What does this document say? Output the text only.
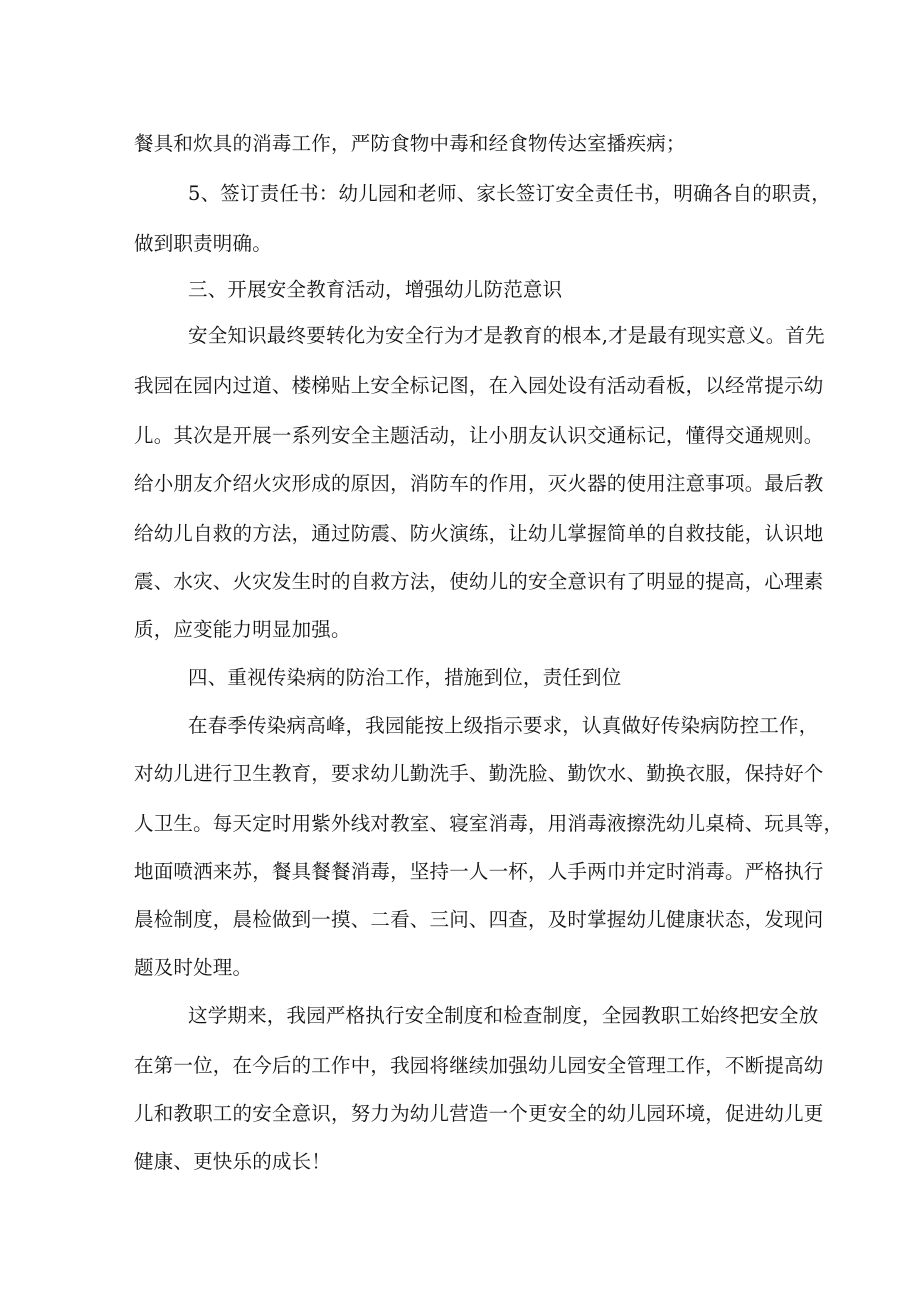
餐具和炊具的消毒工作，严防食物中毒和经食物传达室播疾病；

5、签订责任书：幼儿园和老师、家长签订安全责任书，明确各自的职责，

做到职责明确。

三、开展安全教育活动，增强幼儿防范意识

安全知识最终要转化为安全行为才是教育的根本,才是最有现实意义。首先

我园在园内过道、楼梯贴上安全标记图，在入园处设有活动看板，以经常提示幼

儿。其次是开展一系列安全主题活动，让小朋友认识交通标记，懂得交通规则。

给小朋友介绍火灾形成的原因，消防车的作用，灭火器的使用注意事项。最后教

给幼儿自救的方法，通过防震、防火演练，让幼儿掌握简单的自救技能，认识地

震、水灾、火灾发生时的自救方法，使幼儿的安全意识有了明显的提高，心理素

质，应变能力明显加强。

四、重视传染病的防治工作，措施到位，责任到位

在春季传染病高峰，我园能按上级指示要求，认真做好传染病防控工作，

对幼儿进行卫生教育，要求幼儿勤洗手、勤洗脸、勤饮水、勤换衣服，保持好个

人卫生。每天定时用紫外线对教室、寝室消毒，用消毒液擦洗幼儿桌椅、玩具等，

地面喷洒来苏，餐具餐餐消毒，坚持一人一杯，人手两巾并定时消毒。严格执行

晨检制度，晨检做到一摸、二看、三问、四查，及时掌握幼儿健康状态，发现问

题及时处理。

这学期来，我园严格执行安全制度和检查制度，全园教职工始终把安全放

在第一位，在今后的工作中，我园将继续加强幼儿园安全管理工作，不断提高幼

儿和教职工的安全意识，努力为幼儿营造一个更安全的幼儿园环境，促进幼儿更

健康、更快乐的成长！
